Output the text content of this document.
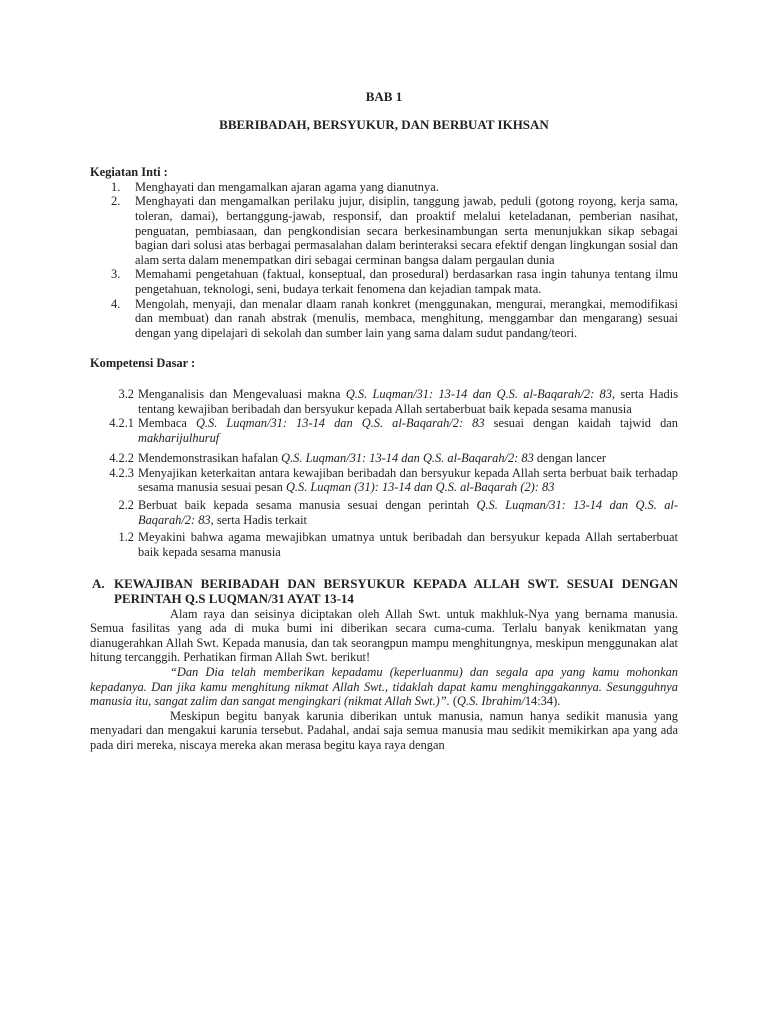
BAB 1
BBERIBADAH, BERSYUKUR, DAN BERBUAT IKHSAN
Kegiatan Inti :
1.	Menghayati dan mengamalkan ajaran agama yang dianutnya.
2.	Menghayati dan mengamalkan perilaku jujur, disiplin, tanggung jawab, peduli (gotong royong, kerja sama, toleran, damai), bertanggung-jawab, responsif, dan proaktif melalui keteladanan, pemberian nasihat, penguatan, pembiasaan, dan pengkondisian secara berkesinambungan serta menunjukkan sikap sebagai bagian dari solusi atas berbagai permasalahan dalam berinteraksi secara efektif dengan lingkungan sosial dan alam serta dalam menempatkan diri sebagai cerminan bangsa dalam pergaulan dunia
3.	Memahami pengetahuan (faktual, konseptual, dan prosedural) berdasarkan rasa ingin tahunya tentang ilmu pengetahuan, teknologi, seni, budaya terkait fenomena dan kejadian tampak mata.
4.	Mengolah, menyaji, dan menalar dlaam ranah konkret (menggunakan, mengurai, merangkai, memodifikasi dan membuat) dan ranah abstrak (menulis, membaca, menghitung, menggambar dan mengarang) sesuai dengan yang dipelajari di sekolah dan sumber lain yang sama dalam sudut pandang/teori.
Kompetensi Dasar :
3.2 Menganalisis dan Mengevaluasi makna Q.S. Luqman/31: 13-14 dan Q.S. al-Baqarah/2: 83, serta Hadis tentang kewajiban beribadah dan bersyukur kepada Allah sertaberbuat baik kepada sesama manusia
4.2.1 Membaca Q.S. Luqman/31: 13-14 dan Q.S. al-Baqarah/2: 83 sesuai dengan kaidah tajwid dan makharijulhuruf
4.2.2 Mendemonstrasikan hafalan Q.S. Luqman/31: 13-14 dan Q.S. al-Baqarah/2: 83 dengan lancer
4.2.3 Menyajikan keterkaitan antara kewajiban beribadah dan bersyukur kepada Allah serta berbuat baik terhadap sesama manusia sesuai pesan Q.S. Luqman (31): 13-14 dan Q.S. al-Baqarah (2): 83
2.2 Berbuat baik kepada sesama manusia sesuai dengan perintah Q.S. Luqman/31: 13-14 dan Q.S. al-Baqarah/2: 83, serta Hadis terkait
1.2 Meyakini bahwa agama mewajibkan umatnya untuk beribadah dan bersyukur kepada Allah sertaberbuat baik kepada sesama manusia
A. KEWAJIBAN BERIBADAH DAN BERSYUKUR KEPADA ALLAH SWT. SESUAI DENGAN PERINTAH Q.S LUQMAN/31 AYAT 13-14

Alam raya dan seisinya diciptakan oleh Allah Swt. untuk makhluk-Nya yang bernama manusia. Semua fasilitas yang ada di muka bumi ini diberikan secara cuma-cuma. Terlalu banyak kenikmatan yang dianugerahkan Allah Swt. Kepada manusia, dan tak seorangpun mampu menghitungnya, meskipun menggunakan alat hitung tercanggih. Perhatikan firman Allah Swt. berikut!

“Dan Dia telah memberikan kepadamu (keperluanmu) dan segala apa yang kamu mohonkan kepadanya. Dan jika kamu menghitung nikmat Allah Swt., tidaklah dapat kamu menghinggakannya. Sesungguhnya manusia itu, sangat zalim dan sangat mengingkari (nikmat Allah Swt.)”. (Q.S. Ibrahim/14:34).

Meskipun begitu banyak karunia diberikan untuk manusia, namun hanya sedikit manusia yang menyadari dan mengakui karunia tersebut. Padahal, andai saja semua manusia mau sedikit memikirkan apa yang ada pada diri mereka, niscaya mereka akan merasa begitu kaya raya dengan
